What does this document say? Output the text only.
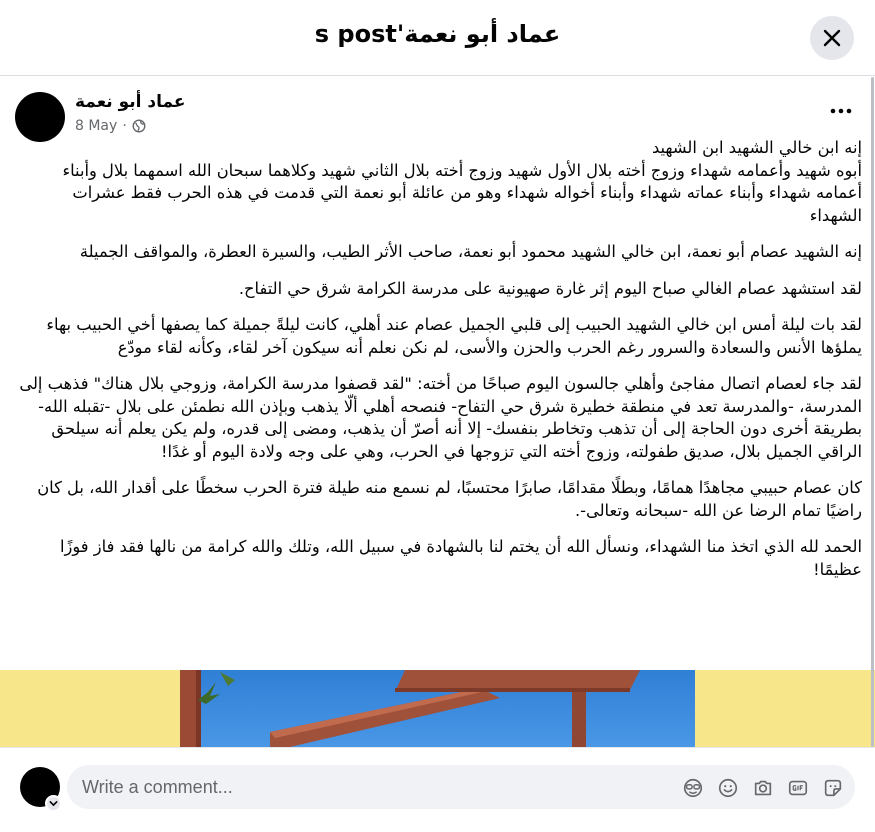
عماد أبو نعمة's post
عماد أبو نعمة
8 May ·

إنه ابن خالي الشهيد ابن الشهيد
أبوه شهيد وأعمامه شهداء وزوج أخته بلال الأول شهيد وزوج أخته بلال الثاني شهيد وكلاهما سبحان الله اسمهما بلال وأبناء أعمامه شهداء وأبناء عماته شهداء وأبناء أخواله شهداء وهو من عائلة أبو نعمة التي قدمت في هذه الحرب فقط عشرات الشهداء

إنه الشهيد عصام أبو نعمة، ابن خالي الشهيد محمود أبو نعمة، صاحب الأثر الطيب، والسيرة العطرة، والمواقف الجميلة

لقد استشهد عصام الغالي صباح اليوم إثر غارة صهيونية على مدرسة الكرامة شرق حي التفاح.

لقد بات ليلة أمس ابن خالي الشهيد الحبيب إلى قلبي الجميل عصام عند أهلي، كانت ليلةً جميلة كما يصفها أخي الحبيب بهاء يملؤها الأنس والسعادة والسرور رغم الحرب والحزن والأسى، لم نكن نعلم أنه سيكون آخر لقاء، وكأنه لقاء مودّع

لقد جاء لعصام اتصال مفاجئ وأهلي جالسون اليوم صباحًا من أخته: "لقد قصفوا مدرسة الكرامة، وزوجي بلال هناك" فذهب إلى المدرسة، -والمدرسة تعد في منطقة خطيرة شرق حي التفاح- فنصحه أهلي ألّا يذهب وبإذن الله نطمئن على بلال -تقبله الله- بطريقة أخرى دون الحاجة إلى أن تذهب وتخاطر بنفسك- إلا أنه أصرّ أن يذهب، ومضى إلى قدره، ولم يكن يعلم أنه سيلحق الراقي الجميل بلال، صديق طفولته، وزوج أخته التي تزوجها في الحرب، وهي على وجه ولادة اليوم أو غدًا!

كان عصام حبيبي مجاهدًا همامًا، وبطلًا مقدامًا، صابرًا محتسبًا، لم نسمع منه طيلة فترة الحرب سخطًا على أقدار الله، بل كان راضيًا تمام الرضا عن الله -سبحانه وتعالى-.

الحمد لله الذي اتخذ منا الشهداء، ونسأل الله أن يختم لنا بالشهادة في سبيل الله، وتلك والله كرامة من نالها فقد فاز فوزًا عظيمًا!

Write a comment...
